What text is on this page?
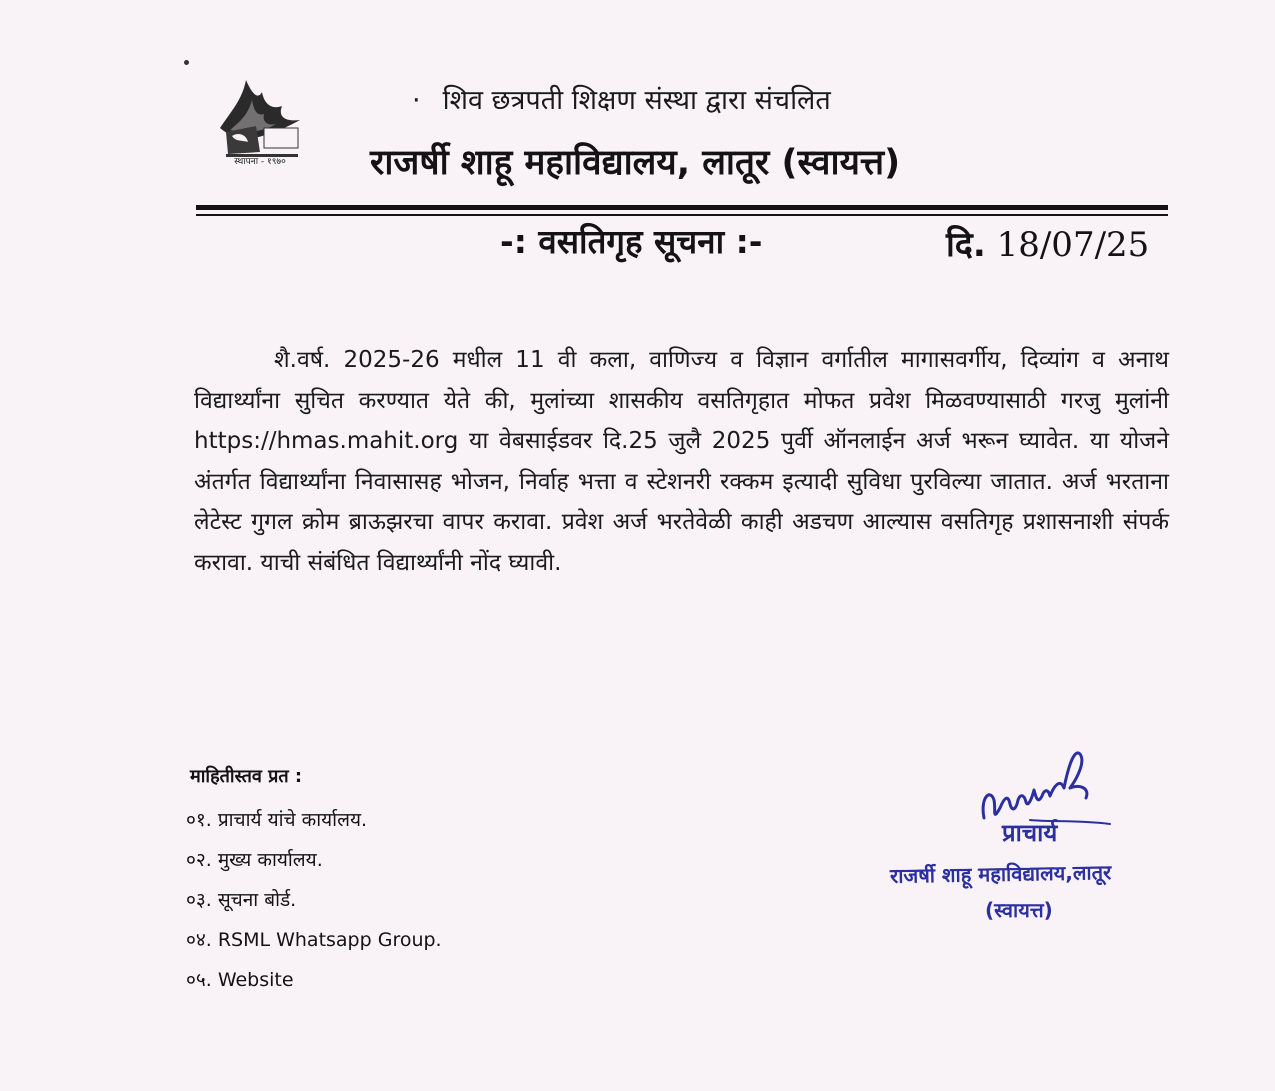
स्थापना - १९७०
· शिव छत्रपती शिक्षण संस्था द्वारा संचलित
राजर्षी शाहू महाविद्यालय, लातूर (स्वायत्त)
-: वसतिगृह सूचना :-	दि. 18/07/25

शै.वर्ष. 2025-26 मधील 11 वी कला, वाणिज्य व विज्ञान वर्गातील मागासवर्गीय, दिव्यांग व अनाथ विद्यार्थ्यांना सुचित करण्यात येते की, मुलांच्या शासकीय वसतिगृहात मोफत प्रवेश मिळवण्यासाठी गरजु मुलांनी https://hmas.mahit.org या वेबसाईडवर दि.25 जुलै 2025 पुर्वी ऑनलाईन अर्ज भरून घ्यावेत. या योजने अंतर्गत विद्यार्थ्यांना निवासासह भोजन, निर्वाह भत्ता व स्टेशनरी रक्कम इत्यादी सुविधा पुरविल्या जातात. अर्ज भरताना लेटेस्ट गुगल क्रोम ब्राऊझरचा वापर करावा. प्रवेश अर्ज भरतेवेळी काही अडचण आल्यास वसतिगृह प्रशासनाशी संपर्क करावा. याची संबंधित विद्यार्थ्यांनी नोंद घ्यावी.

माहितीस्तव प्रत :
०१. प्राचार्य यांचे कार्यालय.
०२. मुख्य कार्यालय.
०३. सूचना बोर्ड.
०४. RSML Whatsapp Group.
०५. Website
प्राचार्य
राजर्षी शाहू महाविद्यालय,लातूर
(स्वायत्त)
